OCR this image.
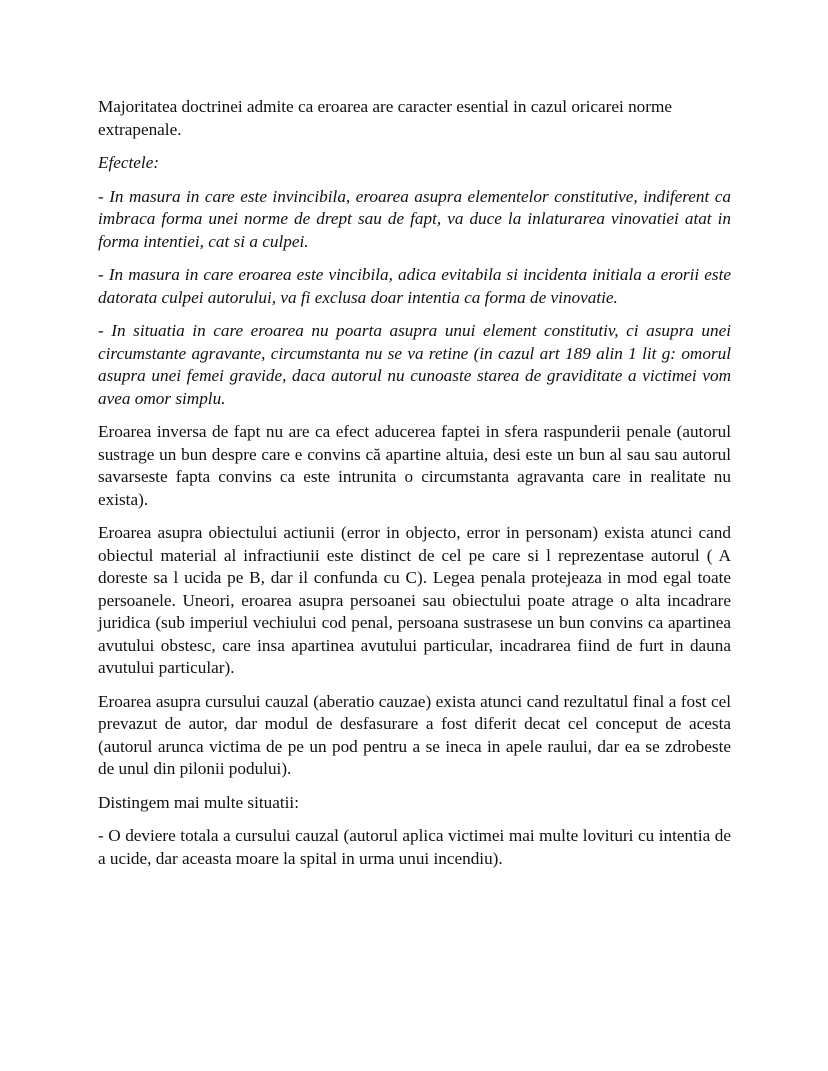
Majoritatea doctrinei admite ca eroarea are caracter esential in cazul oricarei norme extrapenale.

Efectele:

- In masura in care este invincibila, eroarea asupra elementelor constitutive, indiferent ca imbraca forma unei norme de drept sau de fapt, va duce la inlaturarea vinovatiei atat in forma intentiei, cat si a culpei.

- In masura in care eroarea este vincibila, adica evitabila si incidenta initiala a erorii este datorata culpei autorului, va fi exclusa doar intentia ca forma de vinovatie.

- In situatia in care eroarea nu poarta asupra unui element constitutiv, ci asupra unei circumstante agravante, circumstanta nu se va retine (in cazul art 189 alin 1 lit g: omorul asupra unei femei gravide, daca autorul nu cunoaste starea de graviditate a victimei vom avea omor simplu.

Eroarea inversa de fapt nu are ca efect aducerea faptei in sfera raspunderii penale (autorul sustrage un bun despre care e convins că apartine altuia, desi este un bun al sau sau autorul savarseste fapta convins ca este intrunita o circumstanta agravanta care in realitate nu exista).

Eroarea asupra obiectului actiunii (error in objecto, error in personam) exista atunci cand obiectul material al infractiunii este distinct de cel pe care si l reprezentase autorul ( A doreste sa l ucida pe B, dar il confunda cu C). Legea penala protejeaza in mod egal toate persoanele. Uneori, eroarea asupra persoanei sau obiectului poate atrage o alta incadrare juridica (sub imperiul vechiului cod penal, persoana sustrasese un bun convins ca apartinea avutului obstesc, care insa apartinea avutului particular, incadrarea fiind de furt in dauna avutului particular).

Eroarea asupra cursului cauzal (aberatio cauzae) exista atunci cand rezultatul final a fost cel prevazut de autor, dar modul de desfasurare a fost diferit decat cel conceput de acesta (autorul arunca victima de pe un pod pentru a se ineca in apele raului, dar ea se zdrobeste de unul din pilonii podului).

Distingem mai multe situatii:

- O deviere totala a cursului cauzal (autorul aplica victimei mai multe lovituri cu intentia de a ucide, dar aceasta moare la spital in urma unui incendiu).
